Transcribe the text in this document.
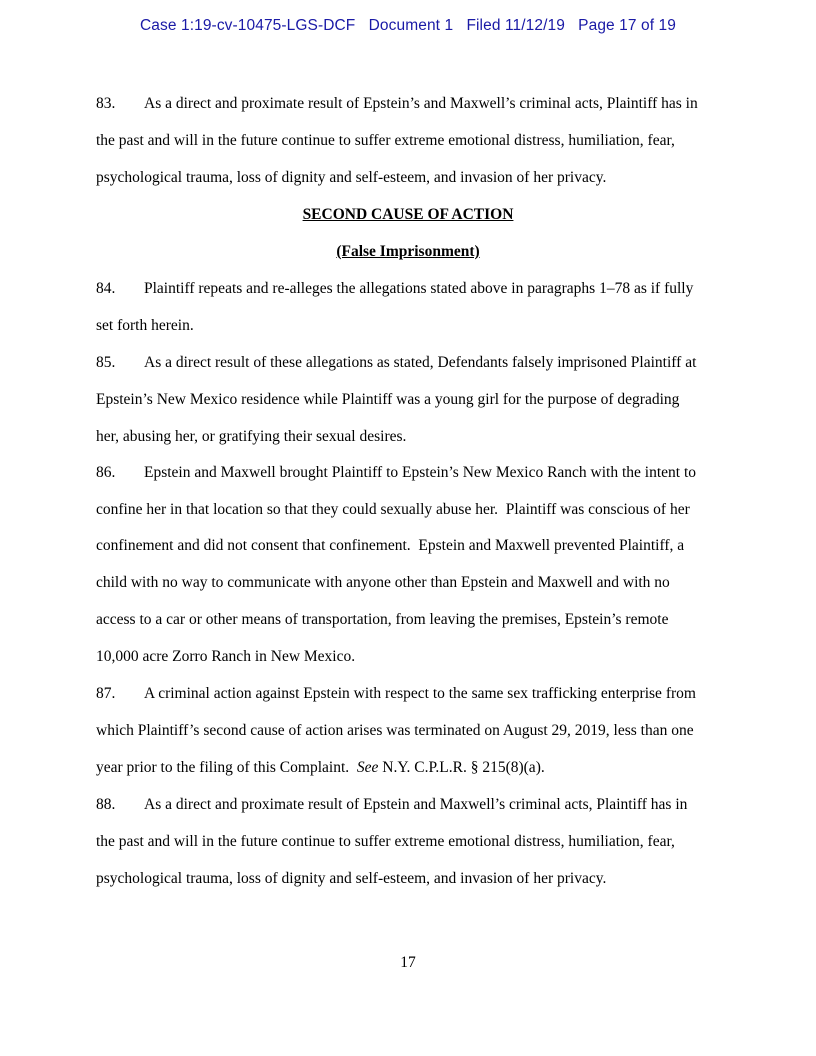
Case 1:19-cv-10475-LGS-DCF Document 1 Filed 11/12/19 Page 17 of 19
83. As a direct and proximate result of Epstein’s and Maxwell’s criminal acts, Plaintiff has in
the past and will in the future continue to suffer extreme emotional distress, humiliation, fear,
psychological trauma, loss of dignity and self-esteem, and invasion of her privacy.
SECOND CAUSE OF ACTION
(False Imprisonment)
84. Plaintiff repeats and re-alleges the allegations stated above in paragraphs 1–78 as if fully
set forth herein.
85. As a direct result of these allegations as stated, Defendants falsely imprisoned Plaintiff at
Epstein’s New Mexico residence while Plaintiff was a young girl for the purpose of degrading
her, abusing her, or gratifying their sexual desires.
86. Epstein and Maxwell brought Plaintiff to Epstein’s New Mexico Ranch with the intent to
confine her in that location so that they could sexually abuse her.  Plaintiff was conscious of her
confinement and did not consent that confinement.  Epstein and Maxwell prevented Plaintiff, a
child with no way to communicate with anyone other than Epstein and Maxwell and with no
access to a car or other means of transportation, from leaving the premises, Epstein’s remote
10,000 acre Zorro Ranch in New Mexico.
87. A criminal action against Epstein with respect to the same sex trafficking enterprise from
which Plaintiff’s second cause of action arises was terminated on August 29, 2019, less than one
year prior to the filing of this Complaint.  See N.Y. C.P.L.R. § 215(8)(a).
88. As a direct and proximate result of Epstein and Maxwell’s criminal acts, Plaintiff has in
the past and will in the future continue to suffer extreme emotional distress, humiliation, fear,
psychological trauma, loss of dignity and self-esteem, and invasion of her privacy.
17
